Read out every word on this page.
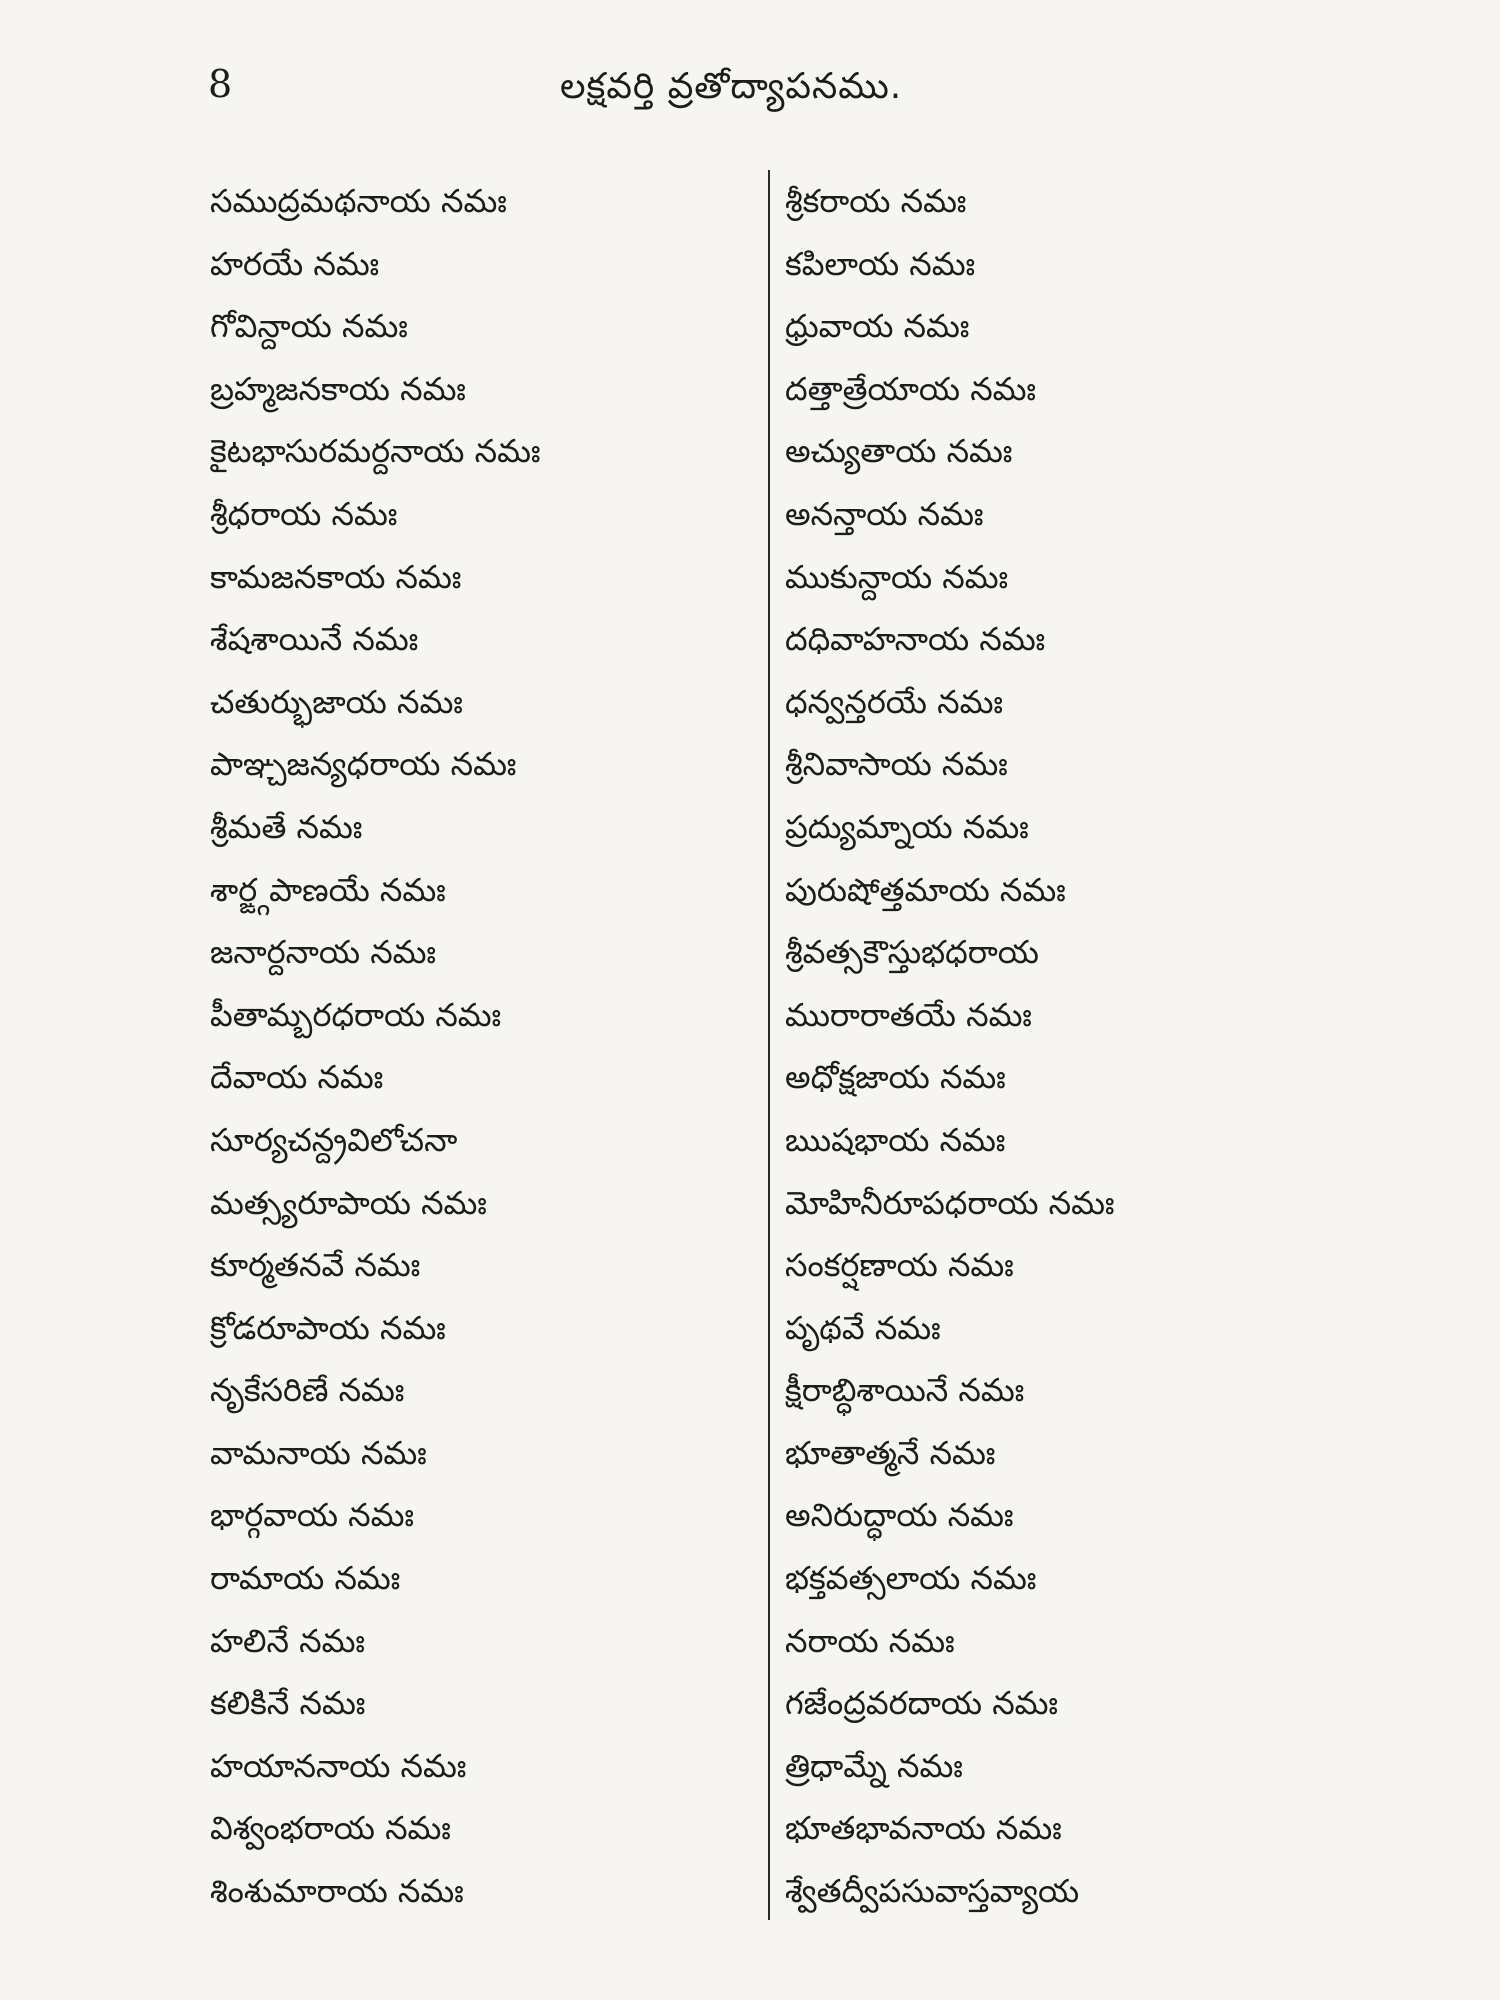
8	లక్షవర్తి వ్రతోద్యాపనము.
సముద్రమథనాయ నమః
హరయే నమః
గోవిన్దాయ నమః
బ్రహ్మజనకాయ నమః
కైటభాసురమర్దనాయ నమః
శ్రీధరాయ నమః
కామజనకాయ నమః
శేషశాయినే నమః
చతుర్భుజాయ నమః
పాఞ్చజన్యధరాయ నమః
శ్రీమతే నమః
శార్ఙ్గపాణయే నమః
జనార్దనాయ నమః
పీతామ్బరధరాయ నమః
దేవాయ నమః
సూర్యచన్ద్రవిలోచనా
మత్స్యరూపాయ నమః
కూర్మతనవే నమః
క్రోడరూపాయ నమః
నృకేసరిణే నమః
వామనాయ నమః
భార్గవాయ నమః
రామాయ నమః
హలినే నమః
కలికినే నమః
హయాననాయ నమః
విశ్వంభరాయ నమః
శింశుమారాయ నమః
శ్రీకరాయ నమః
కపిలాయ నమః
ధ్రువాయ నమః
దత్తాత్రేయాయ నమః
అచ్యుతాయ నమః
అనన్తాయ నమః
ముకున్దాయ నమః
దధివాహనాయ నమః
ధన్వన్తరయే నమః
శ్రీనివాసాయ నమః
ప్రద్యుమ్నాయ నమః
పురుషోత్తమాయ నమః
శ్రీవత్సకౌస్తుభధరాయ
మురారాతయే నమః
అధోక్షజాయ నమః
ఋషభాయ నమః
మోహినీరూపధరాయ నమః
సంకర్షణాయ నమః
పృథవే నమః
క్షీరాబ్ధిశాయినే నమః
భూతాత్మనే నమః
అనిరుద్ధాయ నమః
భక్తవత్సలాయ నమః
నరాయ నమః
గజేంద్రవరదాయ నమః
త్రిధామ్నే నమః
భూతభావనాయ నమః
శ్వేతద్వీపసువాస్తవ్యాయ
